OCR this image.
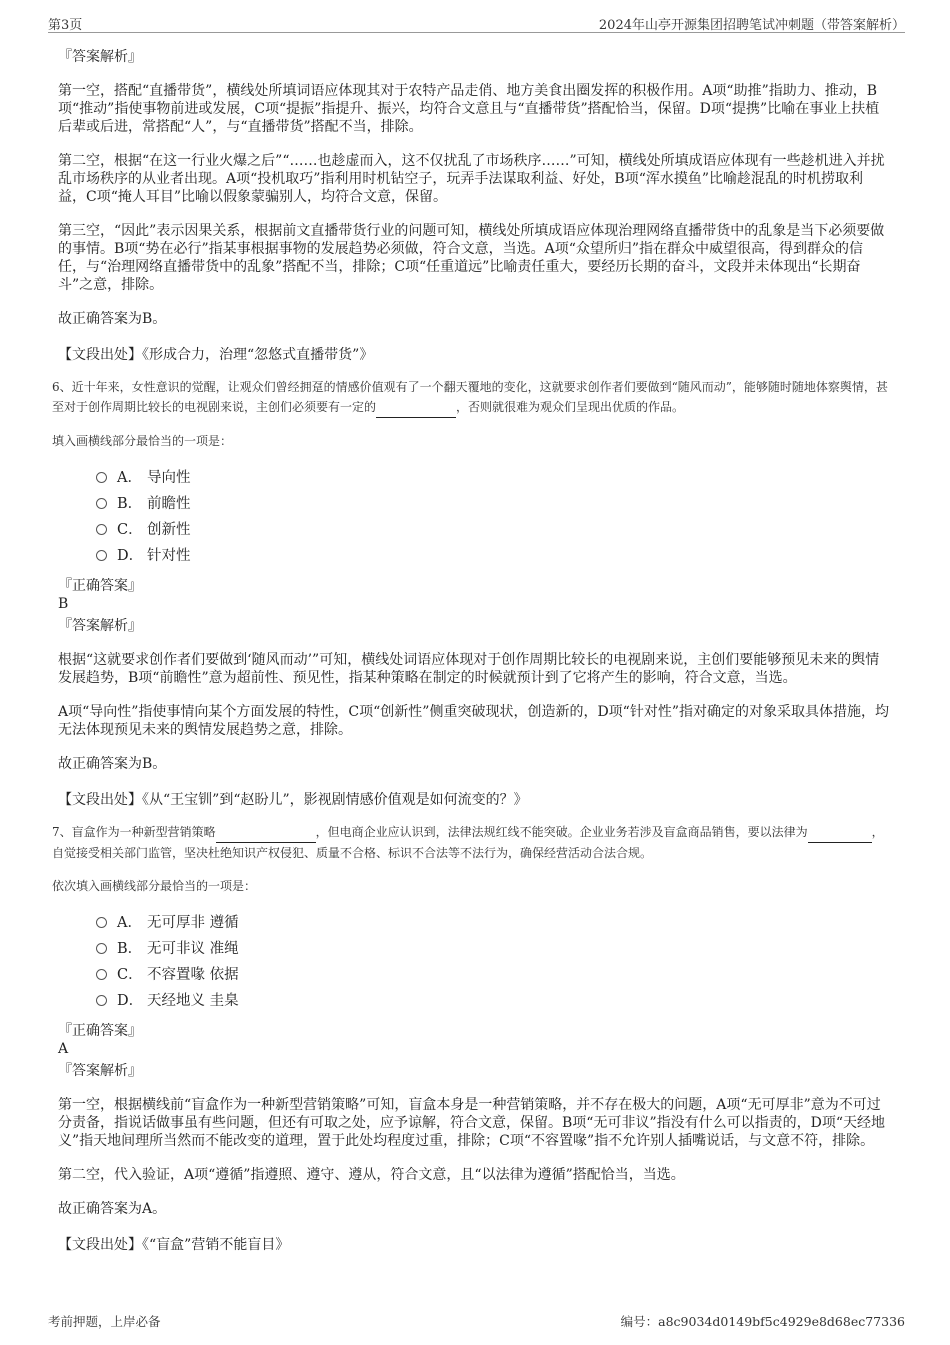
第3页	2024年山亭开源集团招聘笔试冲刺题（带答案解析）

『答案解析』

第一空，搭配“直播带货”，横线处所填词语应体现其对于农特产品走俏、地方美食出圈发挥的积极作用。A项“助推”指助力、推动，B项“推动”指使事物前进或发展，C项“提振”指提升、振兴，均符合文意且与“直播带货”搭配恰当，保留。D项“提携”比喻在事业上扶植后辈或后进，常搭配“人”，与“直播带货”搭配不当，排除。

第二空，根据“在这一行业火爆之后”“……也趁虚而入，这不仅扰乱了市场秩序……”可知，横线处所填成语应体现有一些趁机进入并扰乱市场秩序的从业者出现。A项“投机取巧”指利用时机钻空子，玩弄手法谋取利益、好处，B项“浑水摸鱼”比喻趁混乱的时机捞取利益，C项“掩人耳目”比喻以假象蒙骗别人，均符合文意，保留。

第三空，“因此”表示因果关系，根据前文直播带货行业的问题可知，横线处所填成语应体现治理网络直播带货中的乱象是当下必须要做的事情。B项“势在必行”指某事根据事物的发展趋势必须做，符合文意，当选。A项“众望所归”指在群众中威望很高，得到群众的信任，与“治理网络直播带货中的乱象”搭配不当，排除；C项“任重道远”比喻责任重大，要经历长期的奋斗，文段并未体现出“长期奋斗”之意，排除。

故正确答案为B。

【文段出处】《形成合力，治理“忽悠式直播带货”》

6、近十年来，女性意识的觉醒，让观众们曾经拥趸的情感价值观有了一个翻天覆地的变化，这就要求创作者们要做到“随风而动”，能够随时随地体察舆情，甚至对于创作周期比较长的电视剧来说，主创们必须要有一定的	，否则就很难为观众们呈现出优质的作品。

填入画横线部分最恰当的一项是：

A． 导向性
B． 前瞻性
C． 创新性
D． 针对性

『正确答案』

B

『答案解析』

根据“这就要求创作者们要做到‘随风而动’”可知，横线处词语应体现对于创作周期比较长的电视剧来说，主创们要能够预见未来的舆情发展趋势，B项“前瞻性”意为超前性、预见性，指某种策略在制定的时候就预计到了它将产生的影响，符合文意，当选。

A项“导向性”指使事情向某个方面发展的特性，C项“创新性”侧重突破现状，创造新的，D项“针对性”指对确定的对象采取具体措施，均无法体现预见未来的舆情发展趋势之意，排除。

故正确答案为B。

【文段出处】《从“王宝钏”到“赵盼儿”，影视剧情感价值观是如何流变的？》

7、盲盒作为一种新型营销策略	，但电商企业应认识到，法律法规红线不能突破。企业业务若涉及盲盒商品销售，要以法律为	，自觉接受相关部门监管，坚决杜绝知识产权侵犯、质量不合格、标识不合法等不法行为，确保经营活动合法合规。

依次填入画横线部分最恰当的一项是：

A． 无可厚非 遵循
B． 无可非议 准绳
C． 不容置喙 依据
D． 天经地义 圭臬

『正确答案』

A

『答案解析』

第一空，根据横线前“盲盒作为一种新型营销策略”可知，盲盒本身是一种营销策略，并不存在极大的问题，A项“无可厚非”意为不可过分责备，指说话做事虽有些问题，但还有可取之处，应予谅解，符合文意，保留。B项“无可非议”指没有什么可以指责的，D项“天经地义”指天地间理所当然而不能改变的道理，置于此处均程度过重，排除；C项“不容置喙”指不允许别人插嘴说话，与文意不符，排除。

第二空，代入验证，A项“遵循”指遵照、遵守、遵从，符合文意，且“以法律为遵循”搭配恰当，当选。

故正确答案为A。

【文段出处】《“盲盒”营销不能盲目》

考前押题，上岸必备	编号：a8c9034d0149bf5c4929e8d68ec77336
